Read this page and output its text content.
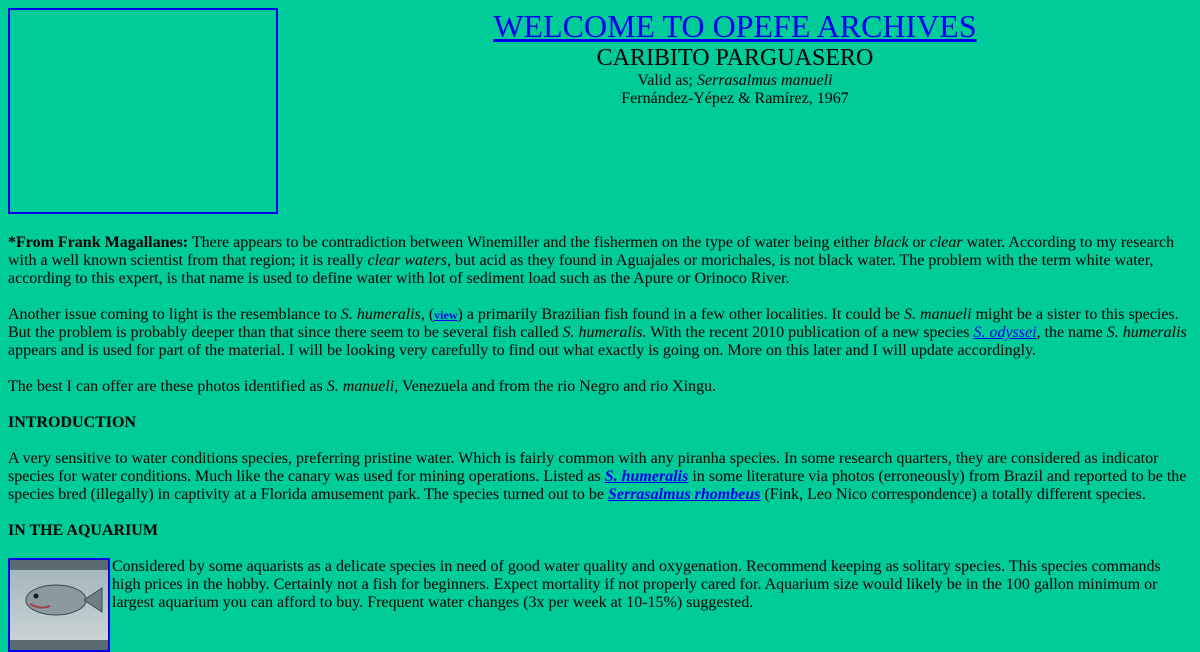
WELCOME TO OPEFE ARCHIVES
CARIBITO PARGUASERO
Valid as; Serrasalmus manueli
Fernández-Yépez & Ramírez, 1967

*From Frank Magallanes: There appears to be contradiction between Winemiller and the fishermen on the type of water being either black or clear water. According to my research with a well known scientist from that region; it is really clear waters, but acid as they found in Aguajales or morichales, is not black water. The problem with the term white water, according to this expert, is that name is used to define water with lot of sediment load such as the Apure or Orinoco River.

Another issue coming to light is the resemblance to S. humeralis, (view) a primarily Brazilian fish found in a few other localities. It could be S. manueli might be a sister to this species. But the problem is probably deeper than that since there seem to be several fish called S. humeralis. With the recent 2010 publication of a new species S. odyssei, the name S. humeralis appears and is used for part of the material. I will be looking very carefully to find out what exactly is going on. More on this later and I will update accordingly.

The best I can offer are these photos identified as S. manueli, Venezuela and from the rio Negro and rio Xingu.

INTRODUCTION

A very sensitive to water conditions species, preferring pristine water. Which is fairly common with any piranha species. In some research quarters, they are considered as indicator species for water conditions. Much like the canary was used for mining operations. Listed as S. humeralis in some literature via photos (erroneously) from Brazil and reported to be the species bred (illegally) in captivity at a Florida amusement park. The species turned out to be Serrasalmus rhombeus (Fink, Leo Nico correspondence) a totally different species.

IN THE AQUARIUM

Considered by some aquarists as a delicate species in need of good water quality and oxygenation. Recommend keeping as solitary species. This species commands high prices in the hobby. Certainly not a fish for beginners. Expect mortality if not properly cared for. Aquarium size would likely be in the 100 gallon minimum or largest aquarium you can afford to buy. Frequent water changes (3x per week at 10-15%) suggested.
